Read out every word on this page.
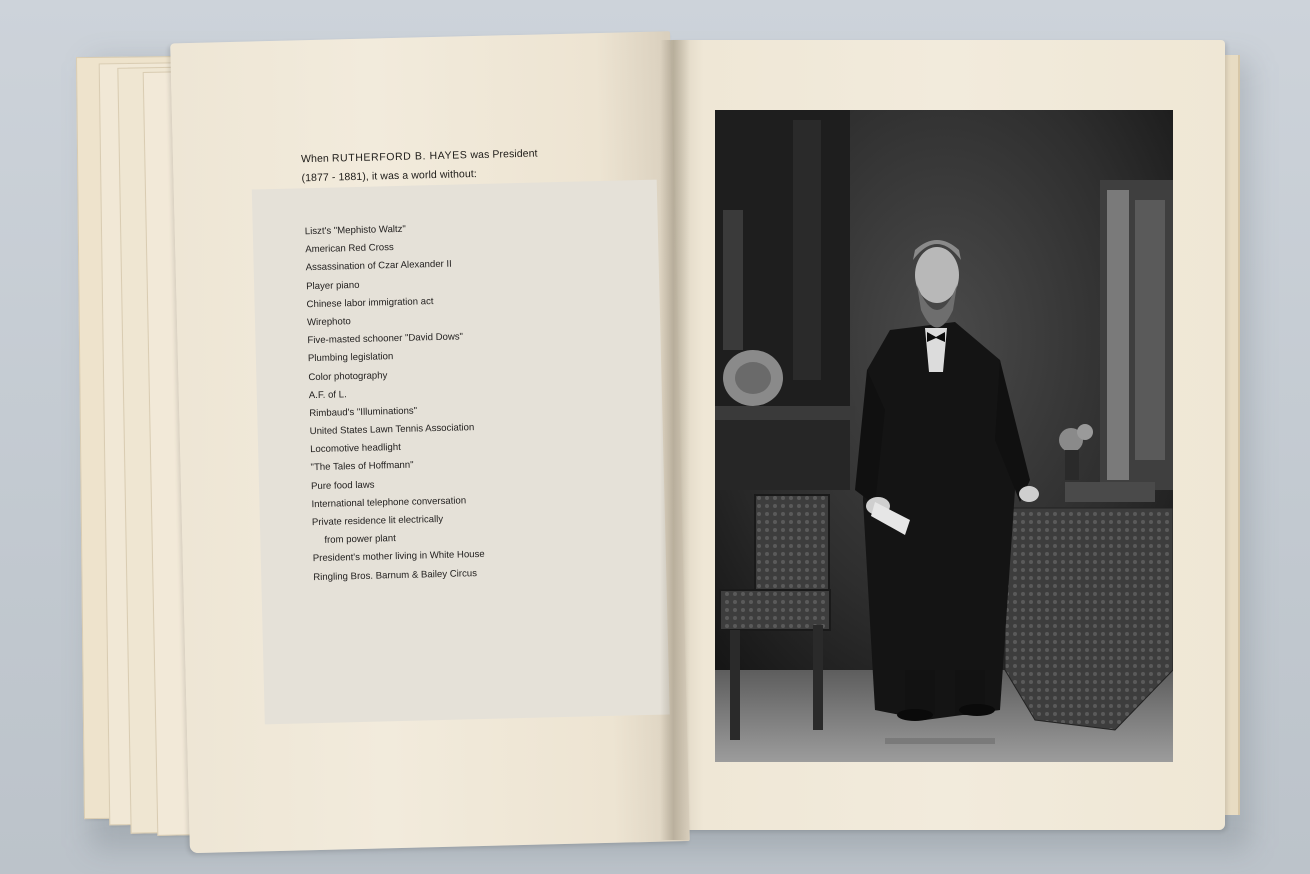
When RUTHERFORD B. HAYES was President
(1877 - 1881), it was a world without:
Liszt's "Mephisto Waltz"
American Red Cross
Assassination of Czar Alexander II
Player piano
Chinese labor immigration act
Wirephoto
Five-masted schooner "David Dows"
Plumbing legislation
Color photography
A.F. of L.
Rimbaud's "Illuminations"
United States Lawn Tennis Association
Locomotive headlight
"The Tales of Hoffmann"
Pure food laws
International telephone conversation
Private residence lit electrically
from power plant
President's mother living in White House
Ringling Bros. Barnum & Bailey Circus
